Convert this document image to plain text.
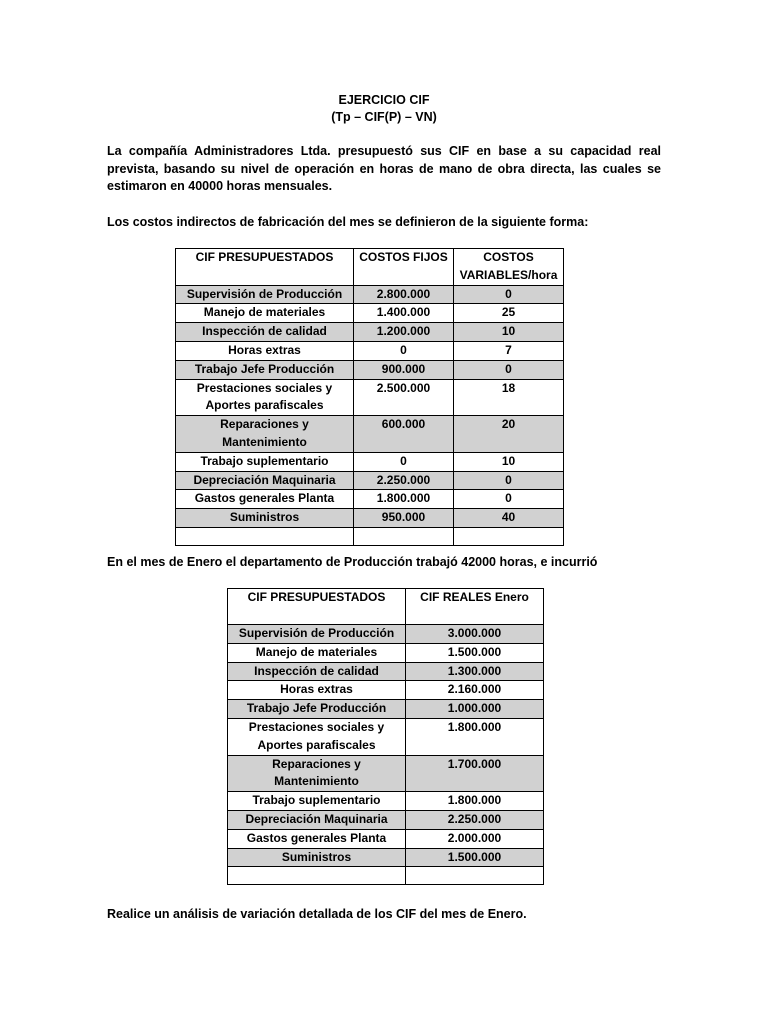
EJERCICIO CIF
(Tp – CIF(P) – VN)
La compañía Administradores Ltda. presupuestó sus CIF en base a su capacidad real prevista, basando su nivel de operación en horas de mano de obra directa, las cuales se estimaron en 40000 horas mensuales.
Los costos indirectos de fabricación del mes se definieron de la siguiente forma:
CIF PRESUPUESTADOS	COSTOS FIJOS	COSTOS VARIABLES/hora
Supervisión de Producción	2.800.000	0
Manejo de materiales	1.400.000	25
Inspección de calidad	1.200.000	10
Horas extras	0	7
Trabajo Jefe Producción	900.000	0
Prestaciones sociales y Aportes parafiscales	2.500.000	18
Reparaciones y Mantenimiento	600.000	20
Trabajo suplementario	0	10
Depreciación Maquinaria	2.250.000	0
Gastos generales Planta	1.800.000	0
Suministros	950.000	40

En el mes de Enero el departamento de Producción trabajó 42000 horas, e incurrió
CIF PRESUPUESTADOS	CIF REALES Enero
Supervisión de Producción	3.000.000
Manejo de materiales	1.500.000
Inspección de calidad	1.300.000
Horas extras	2.160.000
Trabajo Jefe Producción	1.000.000
Prestaciones sociales y Aportes parafiscales	1.800.000
Reparaciones y Mantenimiento	1.700.000
Trabajo suplementario	1.800.000
Depreciación Maquinaria	2.250.000
Gastos generales Planta	2.000.000
Suministros	1.500.000

Realice un análisis de variación detallada de los CIF del mes de Enero.
